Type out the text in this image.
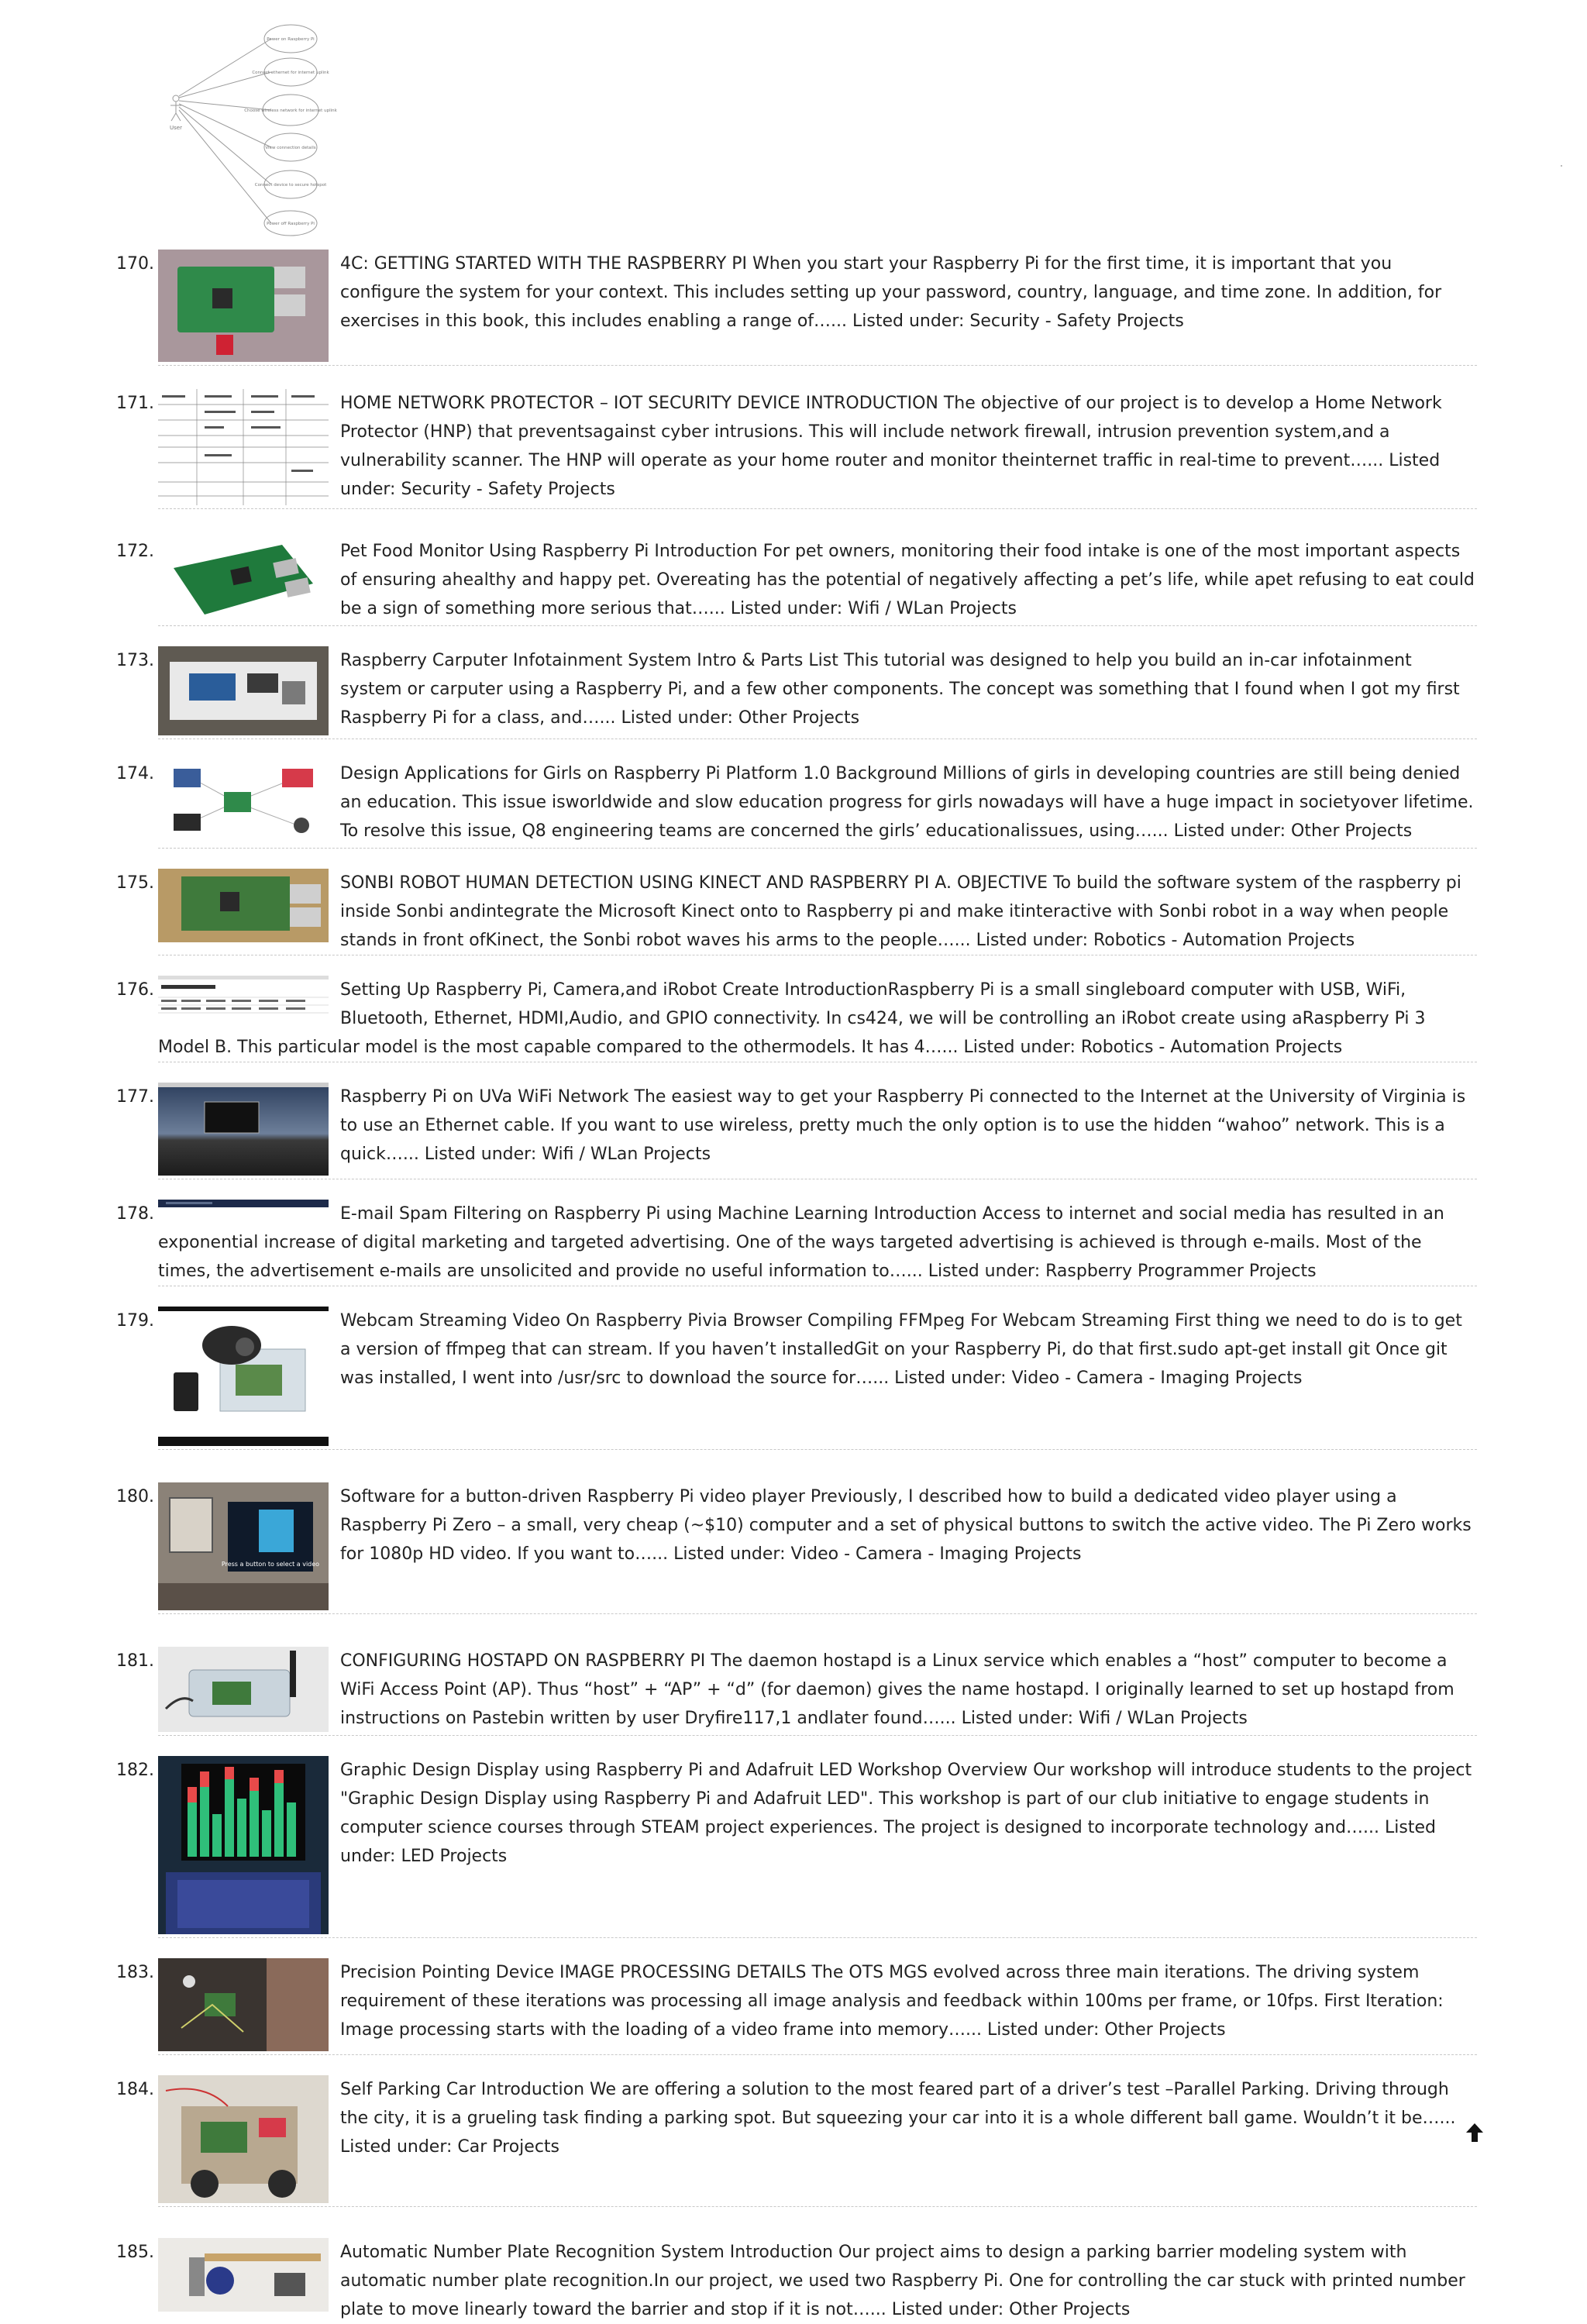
User
Power on Raspberry Pi
Connect ethernet for internet uplink
Choose wireless network for internet uplink
View connection details
Connect device to secure hotspot
Power off Raspberry Pi
170.	4C: GETTING STARTED WITH THE RASPBERRY PI When you start your Raspberry Pi for the first time, it is important that you configure the system for your context. This includes setting up your password, country, language, and time zone. In addition, for exercises in this book, this includes enabling a range of…... Listed under: Security - Safety Projects

171.	HOME NETWORK PROTECTOR – IOT SECURITY DEVICE INTRODUCTION The objective of our project is to develop a Home Network Protector (HNP) that preventsagainst cyber intrusions. This will include network firewall, intrusion prevention system,and a vulnerability scanner. The HNP will operate as your home router and monitor theinternet traffic in real-time to prevent…... Listed under: Security - Safety Projects

172.	Pet Food Monitor Using Raspberry Pi Introduction For pet owners, monitoring their food intake is one of the most important aspects of ensuring ahealthy and happy pet. Overeating has the potential of negatively affecting a pet’s life, while apet refusing to eat could be a sign of something more serious that…... Listed under: Wifi / WLan Projects

173.	Raspberry Carputer Infotainment System Intro & Parts List This tutorial was designed to help you build an in-car infotainment system or carputer using a Raspberry Pi, and a few other components. The concept was something that I found when I got my first Raspberry Pi for a class, and…... Listed under: Other Projects

174.	Design Applications for Girls on Raspberry Pi Platform 1.0 Background Millions of girls in developing countries are still being denied an education. This issue isworldwide and slow education progress for girls nowadays will have a huge impact in societyover lifetime. To resolve this issue, Q8 engineering teams are concerned the girls’ educationalissues, using…... Listed under: Other Projects

175.	SONBI ROBOT HUMAN DETECTION USING KINECT AND RASPBERRY PI A. OBJECTIVE To build the software system of the raspberry pi inside Sonbi andintegrate the Microsoft Kinect onto to Raspberry pi and make itinteractive with Sonbi robot in a way when people stands in front ofKinect, the Sonbi robot waves his arms to the people…... Listed under: Robotics - Automation Projects

176.	Setting Up Raspberry Pi, Camera,and iRobot Create IntroductionRaspberry Pi is a small singleboard computer with USB, WiFi, Bluetooth, Ethernet, HDMI,Audio, and GPIO connectivity. In cs424, we will be controlling an iRobot create using aRaspberry Pi 3 Model B. This particular model is the most capable compared to the othermodels. It has 4…... Listed under: Robotics - Automation Projects

177.	Raspberry Pi on UVa WiFi Network The easiest way to get your Raspberry Pi connected to the Internet at the University of Virginia is to use an Ethernet cable. If you want to use wireless, pretty much the only option is to use the hidden “wahoo” network. This is a quick…... Listed under: Wifi / WLan Projects

178.	E-mail Spam Filtering on Raspberry Pi using Machine Learning Introduction Access to internet and social media has resulted in an exponential increase of digital marketing and targeted advertising. One of the ways targeted advertising is achieved is through e-mails. Most of the times, the advertisement e-mails are unsolicited and provide no useful information to…... Listed under: Raspberry Programmer Projects

179.	Webcam Streaming Video On Raspberry Pivia Browser Compiling FFMpeg For Webcam Streaming First thing we need to do is to get a version of ffmpeg that can stream. If you haven’t installedGit on your Raspberry Pi, do that first.sudo apt-get install git Once git was installed, I went into /usr/src to download the source for…... Listed under: Video - Camera - Imaging Projects

180.
Press a button to select a video

Software for a button-driven Raspberry Pi video player Previously, I described how to build a dedicated video player using a Raspberry Pi Zero – a small, very cheap (~$10) computer and a set of physical buttons to switch the active video. The Pi Zero works for 1080p HD video. If you want to…... Listed under: Video - Camera - Imaging Projects

181.	CONFIGURING HOSTAPD ON RASPBERRY PI The daemon hostapd is a Linux service which enables a “host” computer to become a WiFi Access Point (AP). Thus “host” + “AP” + “d” (for daemon) gives the name hostapd. I originally learned to set up hostapd from instructions on Pastebin written by user Dryfire117,1 andlater found…... Listed under: Wifi / WLan Projects

182.	Graphic Design Display using Raspberry Pi and Adafruit LED Workshop Overview Our workshop will introduce students to the project "Graphic Design Display using Raspberry Pi and Adafruit LED". This workshop is part of our club initiative to engage students in computer science courses through STEAM project experiences. The project is designed to incorporate technology and…... Listed under: LED Projects

183.	Precision Pointing Device IMAGE PROCESSING DETAILS The OTS MGS evolved across three main iterations. The driving system requirement of these iterations was processing all image analysis and feedback within 100ms per frame, or 10fps. First Iteration: Image processing starts with the loading of a video frame into memory…... Listed under: Other Projects

184.	Self Parking Car Introduction We are offering a solution to the most feared part of a driver’s test –Parallel Parking. Driving through the city, it is a grueling task finding a parking spot. But squeezing your car into it is a whole different ball game. Wouldn’t it be…... Listed under: Car Projects

185.	Automatic Number Plate Recognition System Introduction Our project aims to design a parking barrier modeling system with automatic number plate recognition.In our project, we used two Raspberry Pi. One for controlling the car stuck with printed number plate to move linearly toward the barrier and stop if it is not…... Listed under: Other Projects
